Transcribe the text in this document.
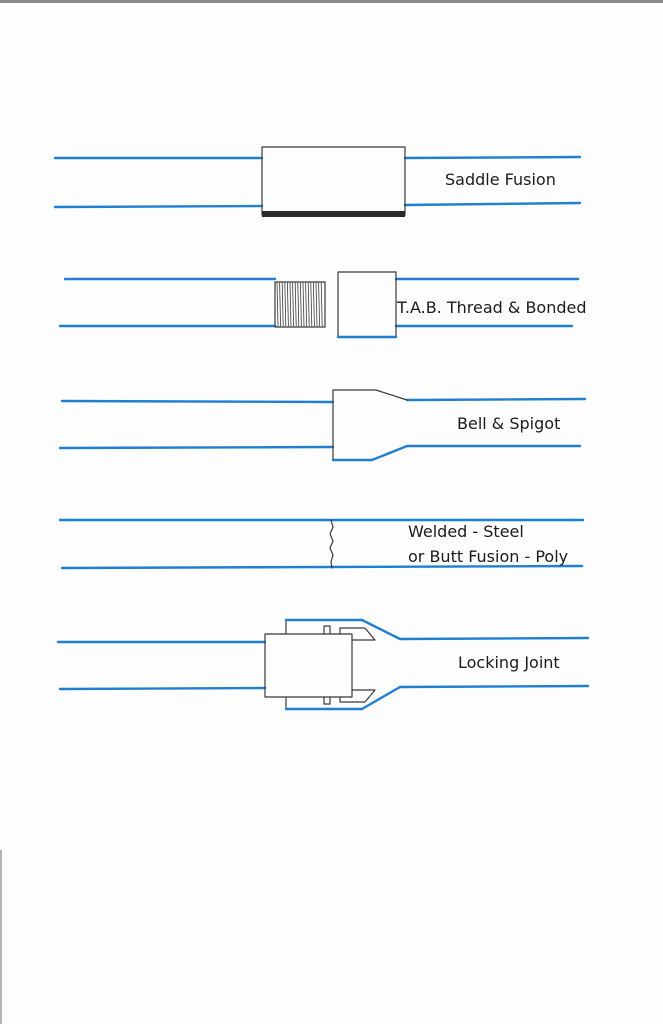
Saddle Fusion
T.A.B. Thread & Bonded
Bell & Spigot
Welded - Steel
or Butt Fusion - Poly
Locking Joint
